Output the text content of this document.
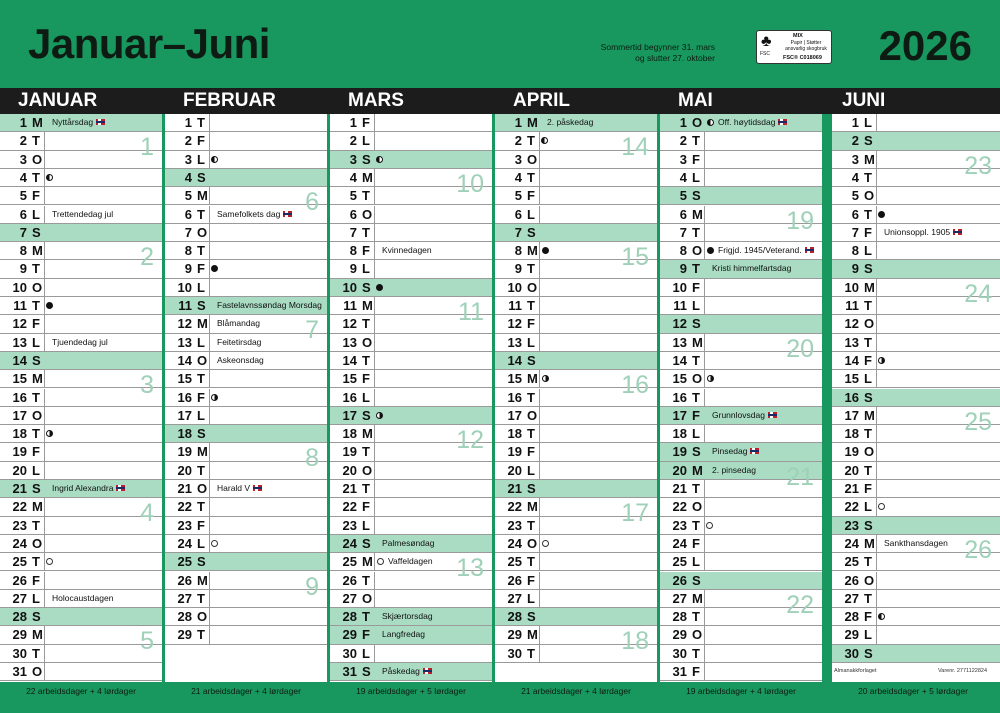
Januar–Juni	Sommertid begynner 31. mars
og slutter 27. oktober
♣	MIX
Papir | Støtter ansvarlig skogbruk
FSC
FSC® C018069 2026
JANUAR	FEBRUAR	MARS	APRIL	MAI	JUNI
1 M Nyttårsdag
2 T
3 O
4 T
5 F
6 L Trettendedag jul
7 S
8 M
9 T
10 O
11 T
12 F
13 L Tjuendedag jul
14 S
15 M
16 T
17 O
18 T
19 F
20 L
21 S Ingrid Alexandra
22 M
23 T
24 O
25 T
26 F
27 L Holocaustdagen
28 S
29 M
30 T
31 O
1
2
3
4
5
1 T
2 F
3 L
4 S
5 M
6 T Samefolkets dag
7 O
8 T
9 F
10 L
11 S Fastelavnssøndag Morsdag
12 M Blåmandag
13 L Feitetirsdag
14 O Askeonsdag
15 T
16 F
17 L
18 S
19 M
20 T
21 O Harald V
22 T
23 F
24 L
25 S
26 M
27 T
28 O
29 T
6
7
8
9
1 F
2 L
3 S
4 M
5 T
6 O
7 T
8 F Kvinnedagen
9 L
10 S
11 M
12 T
13 O
14 T
15 F
16 L
17 S
18 M
19 T
20 O
21 T
22 F
23 L
24 S Palmesøndag
25 M Vaffeldagen
26 T
27 O
28 T Skjærtorsdag
29 F Langfredag
30 L
31 S Påskedag
10
11
12
13
1 M 2. påskedag
2 T
3 O
4 T
5 F
6 L
7 S
8 M
9 T
10 O
11 T
12 F
13 L
14 S
15 M
16 T
17 O
18 T
19 F
20 L
21 S
22 M
23 T
24 O
25 T
26 F
27 L
28 S
29 M
30 T
14
15
16
17
18
1 O Off. høytidsdag
2 T
3 F
4 L
5 S
6 M
7 T
8 O Frigjd. 1945/Veterand.
9 T Kristi himmelfartsdag
10 F
11 L
12 S
13 M
14 T
15 O
16 T
17 F Grunnlovsdag
18 L
19 S Pinsedag
20 M 2. pinsedag
21 T
22 O
23 T
24 F
25 L
26 S
27 M
28 T
29 O
30 T
31 F
19
20
21
22
1 L
2 S
3 M
4 T
5 O
6 T
7 F Unionsoppl. 1905
8 L
9 S
10 M
11 T
12 O
13 T
14 F
15 L
16 S
17 M
18 T
19 O
20 T
21 F
22 L
23 S
24 M Sankthansdagen
25 T
26 O
27 T
28 F
29 L
30 S
23
24
25
26
Almanakkforlaget	Varenr. 2771122824
22 arbeidsdager + 4 lørdager	21 arbeidsdager + 4 lørdager	19 arbeidsdager + 5 lørdager	21 arbeidsdager + 4 lørdager	19 arbeidsdager + 4 lørdager	20 arbeidsdager + 5 lørdager
